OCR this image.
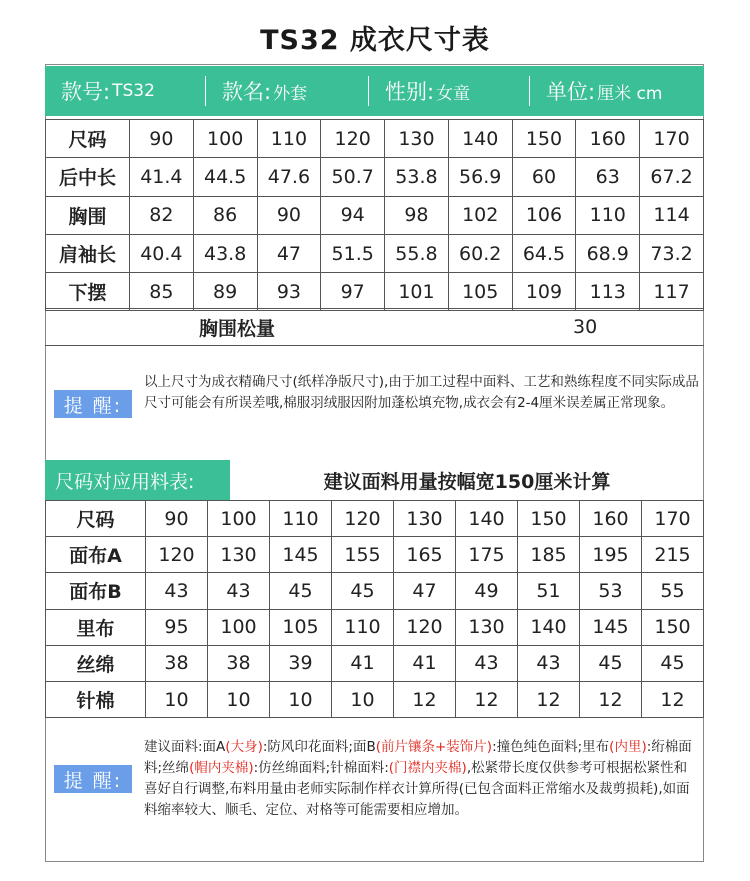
TS32 成衣尺寸表
款号: TS32	款名: 外套	性别: 女童	单位: 厘米 cm
尺码	90	100	110	120	130	140	150	160	170
后中长	41.4	44.5	47.6	50.7	53.8	56.9	60	63	67.2
胸围	82	86	90	94	98	102	106	110	114
肩袖长	40.4	43.8	47	51.5	55.8	60.2	64.5	68.9	73.2
下摆	85	89	93	97	101	105	109	113	117
胸围松量	30
提 醒:
以上尺寸为成衣精确尺寸(纸样净版尺寸),由于加工过程中面料、工艺和熟练程度不同实际成品尺寸可能会有所误差哦,棉服羽绒服因附加蓬松填充物,成衣会有2-4厘米误差属正常现象。
尺码对应用料表:	建议面料用量按幅宽150厘米计算
尺码	90	100	110	120	130	140	150	160	170
面布A	120	130	145	155	165	175	185	195	215
面布B	43	43	45	45	47	49	51	53	55
里布	95	100	105	110	120	130	140	145	150
丝绵	38	38	39	41	41	43	43	45	45
针棉	10	10	10	10	12	12	12	12	12
提 醒:
建议面料:面A(大身):防风印花面料;面B(前片镶条+装饰片):撞色纯色面料;里布(内里):绗棉面料;丝绵(帽内夹棉):仿丝绵面料;针棉面料:(门襟内夹棉),松紧带长度仅供参考可根据松紧性和喜好自行调整,布料用量由老师实际制作样衣计算所得(已包含面料正常缩水及裁剪损耗),如面料缩率较大、顺毛、定位、对格等可能需要相应增加。
